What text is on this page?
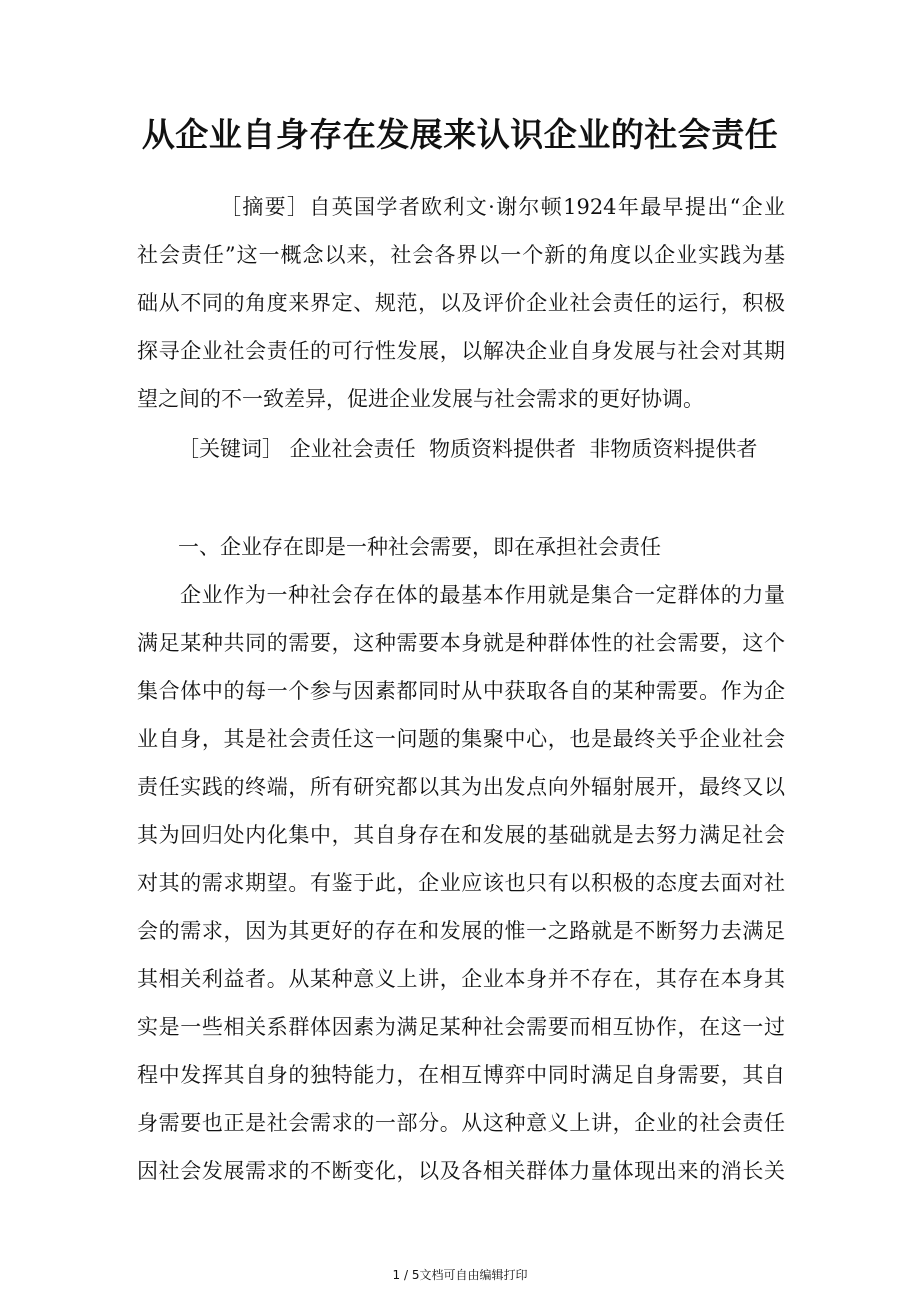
从企业自身存在发展来认识企业的社会责任
［摘要］自英国学者欧利文·谢尔顿1924年最早提出“企业
社会责任”这一概念以来，社会各界以一个新的角度以企业实践为基
础从不同的角度来界定、规范，以及评价企业社会责任的运行，积极
探寻企业社会责任的可行性发展，以解决企业自身发展与社会对其期
望之间的不一致差异，促进企业发展与社会需求的更好协调。
［关键词］ 企业社会责任  物质资料提供者  非物质资料提供者
一、企业存在即是一种社会需要，即在承担社会责任
企业作为一种社会存在体的最基本作用就是集合一定群体的力量
满足某种共同的需要，这种需要本身就是种群体性的社会需要，这个
集合体中的每一个参与因素都同时从中获取各自的某种需要。作为企
业自身，其是社会责任这一问题的集聚中心，也是最终关乎企业社会
责任实践的终端，所有研究都以其为出发点向外辐射展开，最终又以
其为回归处内化集中，其自身存在和发展的基础就是去努力满足社会
对其的需求期望。有鉴于此，企业应该也只有以积极的态度去面对社
会的需求，因为其更好的存在和发展的惟一之路就是不断努力去满足
其相关利益者。从某种意义上讲，企业本身并不存在，其存在本身其
实是一些相关系群体因素为满足某种社会需要而相互协作，在这一过
程中发挥其自身的独特能力，在相互博弈中同时满足自身需要，其自
身需要也正是社会需求的一部分。从这种意义上讲，企业的社会责任
因社会发展需求的不断变化，以及各相关群体力量体现出来的消长关
1 / 5文档可自由编辑打印
